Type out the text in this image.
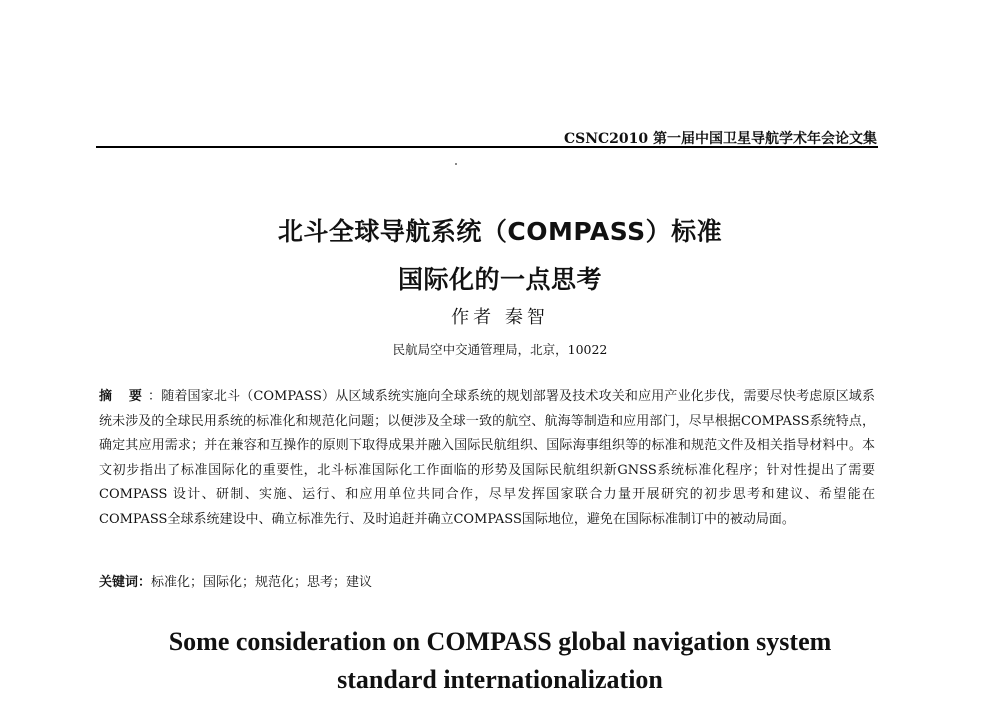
CSNC2010 第一届中国卫星导航学术年会论文集
北斗全球导航系统（COMPASS）标准
国际化的一点思考
作者 秦智
民航局空中交通管理局，北京，10022
摘 要：随着国家北斗（COMPASS）从区域系统实施向全球系统的规划部署及技术攻关和应用产业化步伐，需要尽快考虑原区域系统未涉及的全球民用系统的标准化和规范化问题；以便涉及全球一致的航空、航海等制造和应用部门，尽早根据COMPASS系统特点，确定其应用需求；并在兼容和互操作的原则下取得成果并融入国际民航组织、国际海事组织等的标准和规范文件及相关指导材料中。本文初步指出了标准国际化的重要性，北斗标准国际化工作面临的形势及国际民航组织新GNSS系统标准化程序；针对性提出了需要COMPASS 设计、研制、实施、运行、和应用单位共同合作，尽早发挥国家联合力量开展研究的初步思考和建议、希望能在COMPASS全球系统建设中、确立标准先行、及时追赶并确立COMPASS国际地位，避免在国际标准制订中的被动局面。
关键词：标准化；国际化；规范化；思考；建议
Some consideration on COMPASS global navigation system
standard internationalization
